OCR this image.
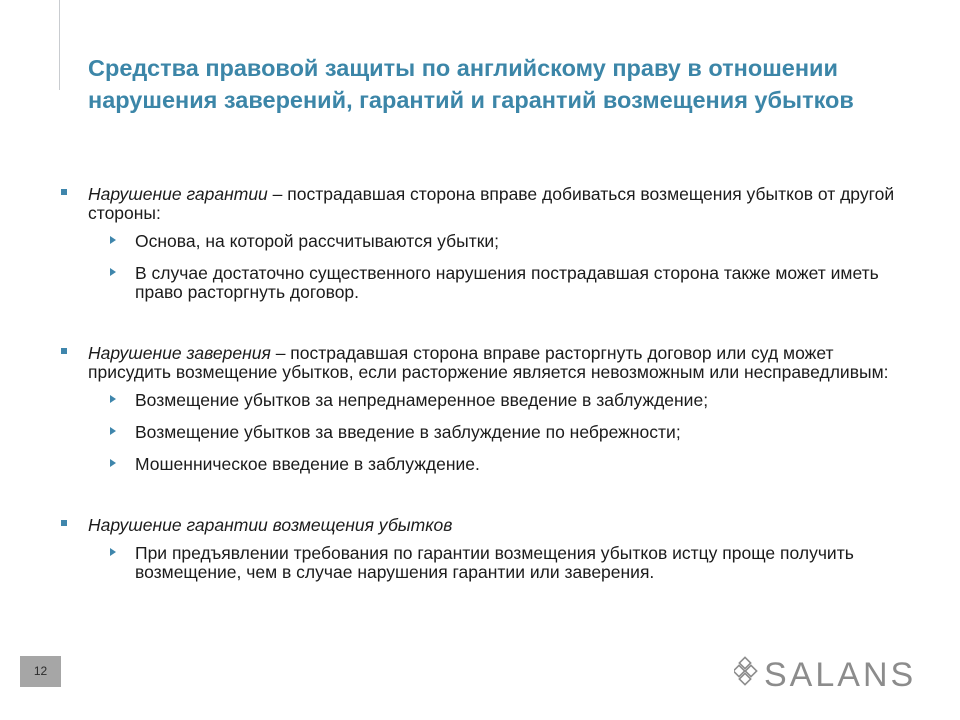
Средства правовой защиты по английскому праву в отношении нарушения заверений, гарантий и гарантий возмещения убытков
Нарушение гарантии – пострадавшая сторона вправе добиваться возмещения убытков от другой стороны:
Основа, на которой рассчитываются убытки;
В случае достаточно существенного нарушения пострадавшая сторона также может иметь право расторгнуть договор.
Нарушение заверения – пострадавшая сторона вправе расторгнуть договор или суд может присудить возмещение убытков, если расторжение является невозможным или несправедливым:
Возмещение убытков за непреднамеренное введение в заблуждение;
Возмещение убытков за введение в заблуждение по небрежности;
Мошенническое введение в заблуждение.
Нарушение гарантии возмещения убытков
При предъявлении требования по гарантии возмещения убытков истцу проще получить возмещение, чем в случае нарушения гарантии или заверения.
12	SALANS
